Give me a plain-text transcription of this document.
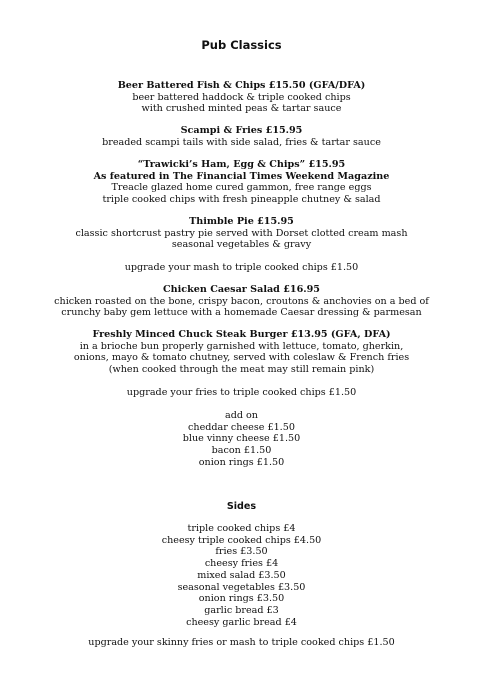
Pub Classics
Beer Battered Fish & Chips £15.50 (GFA/DFA)
beer battered haddock & triple cooked chips
with crushed minted peas & tartar sauce
Scampi & Fries £15.95
breaded scampi tails with side salad, fries & tartar sauce
“Trawicki’s Ham, Egg & Chips” £15.95
As featured in The Financial Times Weekend Magazine
Treacle glazed home cured gammon, free range eggs
triple cooked chips with fresh pineapple chutney & salad
Thimble Pie £15.95
classic shortcrust pastry pie served with Dorset clotted cream mash
seasonal vegetables & gravy
upgrade your mash to triple cooked chips £1.50
Chicken Caesar Salad £16.95
chicken roasted on the bone, crispy bacon, croutons & anchovies on a bed of
crunchy baby gem lettuce with a homemade Caesar dressing & parmesan
Freshly Minced Chuck Steak Burger £13.95 (GFA, DFA)
in a brioche bun properly garnished with lettuce, tomato, gherkin,
onions, mayo & tomato chutney, served with coleslaw & French fries
(when cooked through the meat may still remain pink)
upgrade your fries to triple cooked chips £1.50
add on
cheddar cheese £1.50
blue vinny cheese £1.50
bacon £1.50
onion rings £1.50
Sides
triple cooked chips £4
cheesy triple cooked chips £4.50
fries £3.50
cheesy fries £4
mixed salad £3.50
seasonal vegetables £3.50
onion rings £3.50
garlic bread £3
cheesy garlic bread £4
upgrade your skinny fries or mash to triple cooked chips £1.50
